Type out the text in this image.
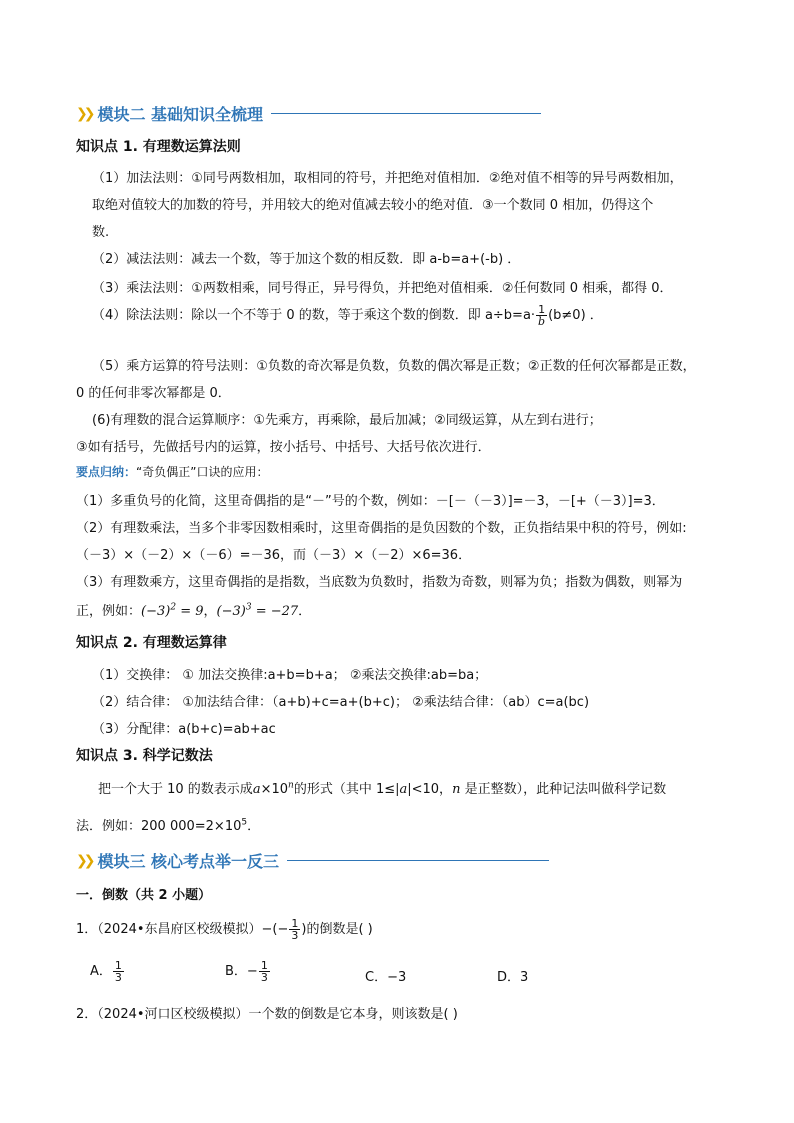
❯❯ 模块二 基础知识全梳理
知识点 1. 有理数运算法则
（1）加法法则：①同号两数相加，取相同的符号，并把绝对值相加．②绝对值不相等的异号两数相加，
取绝对值较大的加数的符号，并用较大的绝对值减去较小的绝对值．③一个数同 0 相加，仍得这个
数.
（2）减法法则：减去一个数，等于加这个数的相反数．即 a-b=a+(-b) ．
（3）乘法法则：①两数相乘，同号得正，异号得负，并把绝对值相乘．②任何数同 0 相乘，都得 0．
（4）除法法则：除以一个不等于 0 的数，等于乘这个数的倒数．即 $a\div b=a\cdot \frac{1}{b} (b\ne 0)$ ．
（5）乘方运算的符号法则：①负数的奇次幂是负数，负数的偶次幂是正数；②正数的任何次幂都是正数，
0 的任何非零次幂都是 0．
(6)有理数的混合运算顺序：①先乘方，再乘除，最后加减；②同级运算，从左到右进行；
③如有括号，先做括号内的运算，按小括号、中括号、大括号依次进行．
要点归纳：“奇负偶正”口诀的应用：
（1）多重负号的化简，这里奇偶指的是“－”号的个数，例如：－[－（－3）]=－3，－[+（－3）]=3．
（2）有理数乘法，当多个非零因数相乘时，这里奇偶指的是负因数的个数，正负指结果中积的符号，例如:
（－3）×（－2）×（－6）=－36，而（－3）×（－2）×6=36．
（3）有理数乘方，这里奇偶指的是指数，当底数为负数时，指数为奇数，则幂为负；指数为偶数，则幂为
正，例如：$(-3)^2 = 9$，$(-3)^3 = -27$．
知识点 2. 有理数运算律
（1）交换律： ① 加法交换律:a+b=b+a； ②乘法交换律:ab=ba；
（2）结合律： ①加法结合律：（a+b)+c=a+(b+c)； ②乘法结合律：（ab）c=a(bc)
（3）分配律：a(b+c)=ab+ac
知识点 3. 科学记数法
把一个大于 10 的数表示成$a\times 10^n$的形式（其中 1≤|a|<10，n 是正整数），此种记法叫做科学记数
法．例如：200 $000=2\times 10^5$．
❯❯ 模块三 核心考点举一反三
一．倒数（共 2 小题）
1．（2024•东昌府区校级模拟）−(− $\frac{1}{3}$ )的倒数是( )
A． $\frac{1}{3}$	B．− $\frac{1}{3}$	C．−3	D．3
2．（2024•河口区校级模拟）一个数的倒数是它本身，则该数是( )
